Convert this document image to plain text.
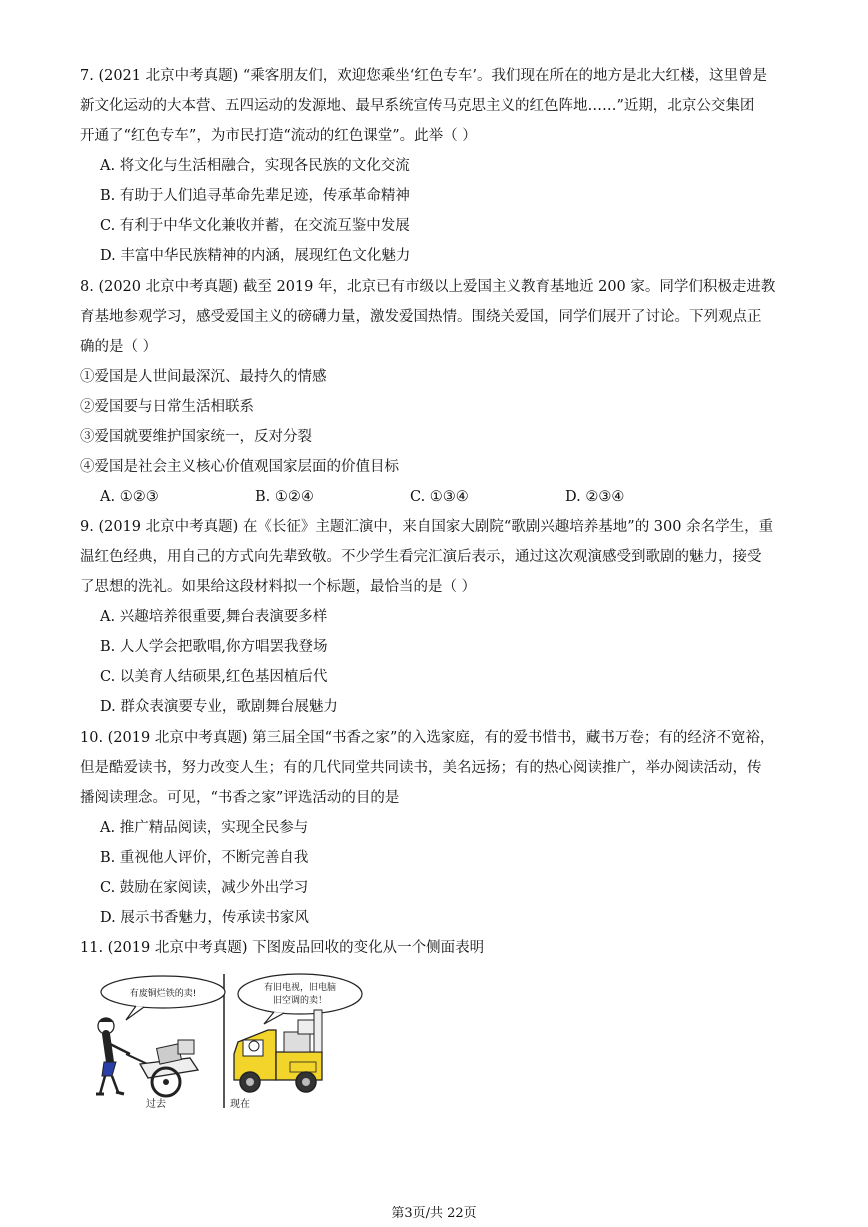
7. (2021 北京中考真题) “乘客朋友们，欢迎您乘坐‘红色专车’。我们现在所在的地方是北大红楼，这里曾是
新文化运动的大本营、五四运动的发源地、最早系统宣传马克思主义的红色阵地……”近期，北京公交集团
开通了“红色专车”，为市民打造“流动的红色课堂”。此举（ ）
A. 将文化与生活相融合，实现各民族的文化交流
B. 有助于人们追寻革命先辈足迹，传承革命精神
C. 有利于中华文化兼收并蓄，在交流互鉴中发展
D. 丰富中华民族精神的内涵，展现红色文化魅力
8. (2020 北京中考真题) 截至 2019 年，北京已有市级以上爱国主义教育基地近 200 家。同学们积极走进教
育基地参观学习，感受爱国主义的磅礴力量，激发爱国热情。围绕关爱国，同学们展开了讨论。下列观点正
确的是（ ）
①爱国是人世间最深沉、最持久的情感
②爱国要与日常生活相联系
③爱国就要维护国家统一，反对分裂
④爱国是社会主义核心价值观国家层面的价值目标
A. ①②③	B. ①②④	C. ①③④	D. ②③④
9. (2019 北京中考真题) 在《长征》主题汇演中，来自国家大剧院“歌剧兴趣培养基地”的 300 余名学生，重
温红色经典，用自己的方式向先辈致敬。不少学生看完汇演后表示，通过这次观演感受到歌剧的魅力，接受
了思想的洗礼。如果给这段材料拟一个标题，最恰当的是（ ）
A. 兴趣培养很重要,舞台表演要多样
B. 人人学会把歌唱,你方唱罢我登场
C. 以美育人结硕果,红色基因植后代
D. 群众表演要专业，歌剧舞台展魅力
10. (2019 北京中考真题) 第三届全国“书香之家”的入选家庭，有的爱书惜书，藏书万卷；有的经济不宽裕，
但是酷爱读书，努力改变人生；有的几代同堂共同读书，美名远扬；有的热心阅读推广，举办阅读活动，传
播阅读理念。可见，“书香之家”评选活动的目的是
A. 推广精品阅读，实现全民参与
B. 重视他人评价，不断完善自我
C. 鼓励在家阅读，减少外出学习
D. 展示书香魅力，传承读书家风
11. (2019 北京中考真题) 下图废品回收的变化从一个侧面表明
有废铜烂铁的卖!
过去
有旧电视，旧电脑
旧空调的卖！
现在
第3页/共 22页
